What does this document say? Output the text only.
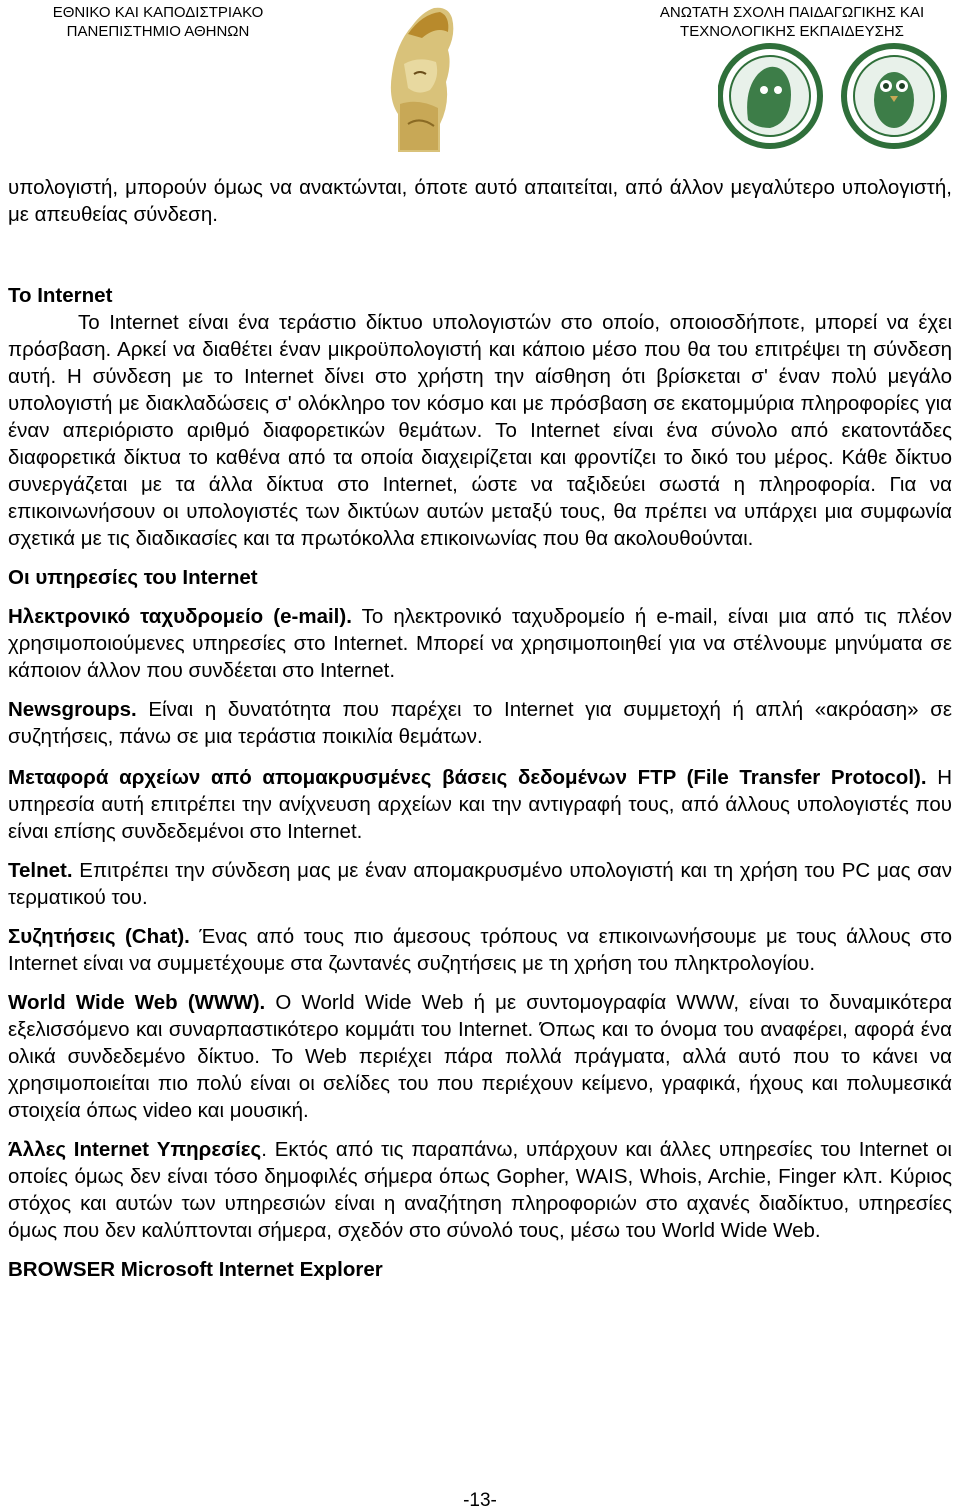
ΕΘΝΙΚΟ ΚΑΙ ΚΑΠΟΔΙΣΤΡΙΑΚΟ
ΠΑΝΕΠΙΣΤΗΜΙΟ ΑΘΗΝΩΝ
ΑΝΩΤΑΤΗ ΣΧΟΛΗ ΠΑΙΔΑΓΩΓΙΚΗΣ ΚΑΙ
ΤΕΧΝΟΛΟΓΙΚΗΣ ΕΚΠΑΙΔΕΥΣΗΣ

υπολογιστή, μπορούν όμως να ανακτώνται, όποτε αυτό απαιτείται, από άλλον μεγαλύτερο υπολογιστή, με απευθείας σύνδεση.

Το Internet

Το Internet είναι ένα τεράστιο δίκτυο υπολογιστών στο οποίο, οποιοσδήποτε, μπορεί να έχει πρόσβαση. Αρκεί να διαθέτει έναν μικροϋπολογιστή και κάποιο μέσο που θα του επιτρέψει τη σύνδεση αυτή. Η σύνδεση με το Internet δίνει στο χρήστη την αίσθηση ότι βρίσκεται σ' έναν πολύ μεγάλο υπολογιστή με διακλαδώσεις σ' ολόκληρο τον κόσμο και με πρόσβαση σε εκατομμύρια πληροφορίες για έναν απεριόριστο αριθμό διαφορετικών θεμάτων. Το Internet είναι ένα σύνολο από εκατοντάδες διαφορετικά δίκτυα το καθένα από τα οποία διαχειρίζεται και φροντίζει το δικό του μέρος. Κάθε δίκτυο συνεργάζεται με τα άλλα δίκτυα στο Internet, ώστε να ταξιδεύει σωστά η πληροφορία. Για να επικοινωνήσουν οι υπολογιστές των δικτύων αυτών μεταξύ τους, θα πρέπει να υπάρχει μια συμφωνία σχετικά με τις διαδικασίες και τα πρωτόκολλα επικοινωνίας που θα ακολουθούνται.

Οι υπηρεσίες του Internet

Ηλεκτρονικό ταχυδρομείο (e-mail). Το ηλεκτρονικό ταχυδρομείο ή e-mail, είναι μια από τις πλέον χρησιμοποιούμενες υπηρεσίες στο Internet. Μπορεί να χρησιμοποιηθεί για να στέλνουμε μηνύματα σε κάποιον άλλον που συνδέεται στο Internet.

Newsgroups. Είναι η δυνατότητα που παρέχει το Internet για συμμετοχή ή απλή «ακρόαση» σε συζητήσεις, πάνω σε μια τεράστια ποικιλία θεμάτων.

Μεταφορά αρχείων από απομακρυσμένες βάσεις δεδομένων FTP (File Transfer Protocol). Η υπηρεσία αυτή επιτρέπει την ανίχνευση αρχείων και την αντιγραφή τους, από άλλους υπολογιστές που είναι επίσης συνδεδεμένοι στο Internet.

Telnet. Επιτρέπει την σύνδεση μας με έναν απομακρυσμένο υπολογιστή και τη χρήση του PC μας σαν τερματικού του.

Συζητήσεις (Chat). Ένας από τους πιο άμεσους τρόπους να επικοινωνήσουμε με τους άλλους στο Internet είναι να συμμετέχουμε στα ζωντανές συζητήσεις με τη χρήση του πληκτρολογίου.

World Wide Web (WWW). O World Wide Web ή με συντομογραφία WWW, είναι το δυναμικότερα εξελισσόμενο και συναρπαστικότερο κομμάτι του Internet. Όπως και το όνομα του αναφέρει, αφορά ένα ολικά συνδεδεμένο δίκτυο. Το Web περιέχει πάρα πολλά πράγματα, αλλά αυτό που το κάνει να χρησιμοποιείται πιο πολύ είναι οι σελίδες του που περιέχουν κείμενο, γραφικά, ήχους και πολυμεσικά στοιχεία όπως video και μουσική.

Άλλες Internet Υπηρεσίες. Εκτός από τις παραπάνω, υπάρχουν και άλλες υπηρεσίες του Internet οι οποίες όμως δεν είναι τόσο δημοφιλές σήμερα όπως Gopher, WAIS, Whois, Archie, Finger κλπ. Κύριος στόχος και αυτών των υπηρεσιών είναι η αναζήτηση πληροφοριών στο αχανές διαδίκτυο, υπηρεσίες όμως που δεν καλύπτονται σήμερα, σχεδόν στο σύνολό τους, μέσω του World Wide Web.

BROWSER Microsoft Internet Explorer

-13-
